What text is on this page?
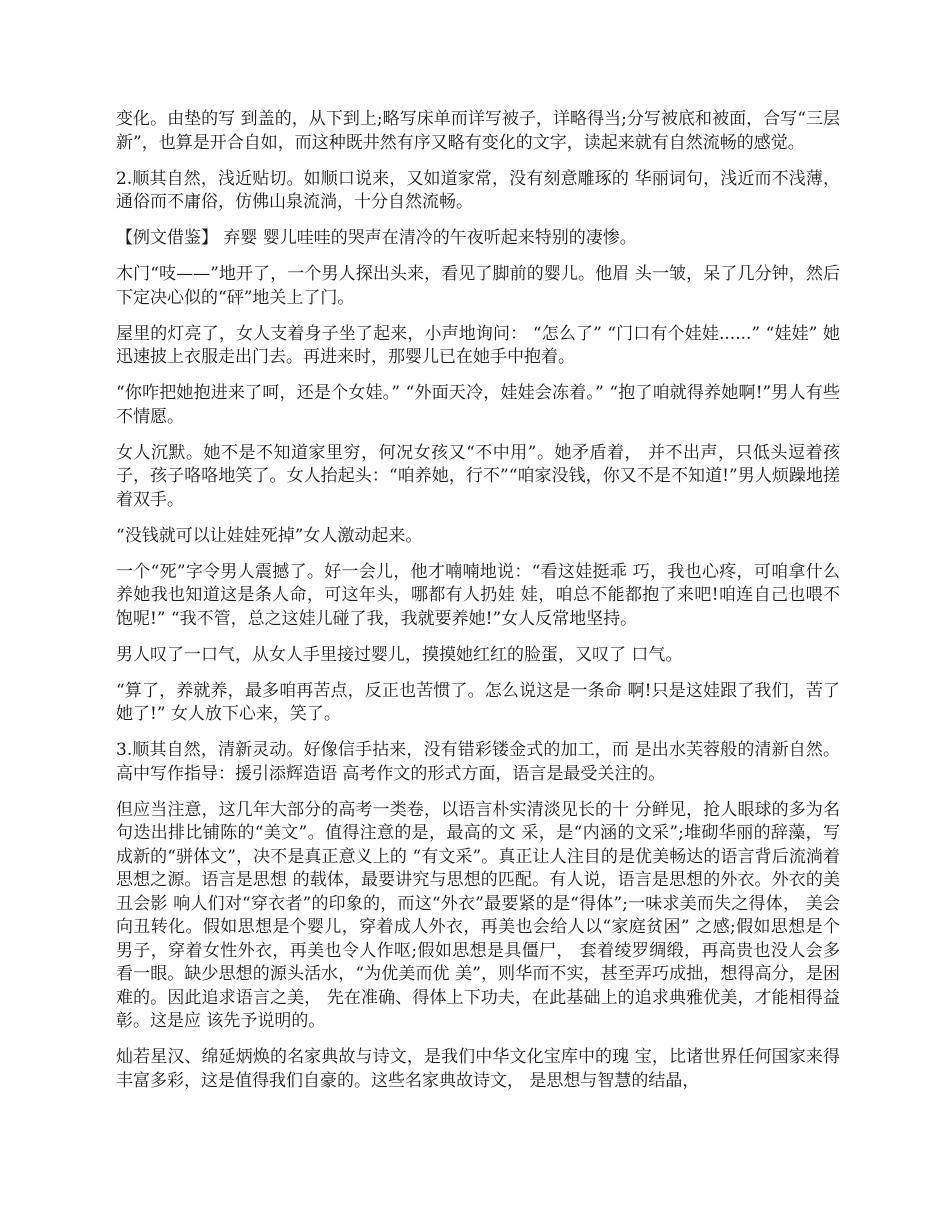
变化。由垫的写 到盖的，从下到上;略写床单而详写被子，详略得当;分写被底和被面，合写“三层 新”，也算是开合自如，而这种既井然有序又略有变化的文字，读起来就有自然流畅的感觉。

2.顺其自然，浅近贴切。如顺口说来，又如道家常，没有刻意雕琢的 华丽词句，浅近而不浅薄，通俗而不庸俗，仿佛山泉流淌，十分自然流畅。

【例文借鉴】 弃婴 婴儿哇哇的哭声在清冷的午夜听起来特别的凄惨。

木门“吱——”地开了，一个男人探出头来，看见了脚前的婴儿。他眉 头一皱，呆了几分钟，然后下定决心似的“砰”地关上了门。

屋里的灯亮了，女人支着身子坐了起来，小声地询问： “怎么了” “门口有个娃娃......” “娃娃” 她迅速披上衣服走出门去。再进来时，那婴儿已在她手中抱着。

“你咋把她抱进来了呵，还是个女娃。” “外面天冷，娃娃会冻着。” “抱了咱就得养她啊!”男人有些不情愿。

女人沉默。她不是不知道家里穷，何况女孩又“不中用”。她矛盾着， 并不出声，只低头逗着孩子，孩子咯咯地笑了。女人抬起头：“咱养她，行不”“咱家没钱，你又不是不知道!”男人烦躁地搓着双手。

“没钱就可以让娃娃死掉”女人激动起来。

一个“死”字令男人震撼了。好一会儿，他才喃喃地说：“看这娃挺乖 巧，我也心疼，可咱拿什么养她我也知道这是条人命，可这年头，哪都有人扔娃 娃，咱总不能都抱了来吧!咱连自己也喂不饱呢!” “我不管，总之这娃儿碰了我，我就要养她!”女人反常地坚持。

男人叹了一口气，从女人手里接过婴儿，摸摸她红红的脸蛋，又叹了 口气。

“算了，养就养，最多咱再苦点，反正也苦惯了。怎么说这是一条命 啊!只是这娃跟了我们，苦了她了!” 女人放下心来，笑了。

3.顺其自然，清新灵动。好像信手拈来，没有错彩镂金式的加工，而 是出水芙蓉般的清新自然。高中写作指导：援引添辉造语 高考作文的形式方面，语言是最受关注的。

但应当注意，这几年大部分的高考一类卷，以语言朴实清淡见长的十 分鲜见，抢人眼球的多为名句迭出排比铺陈的“美文”。值得注意的是，最高的文 采，是“内涵的文采”;堆砌华丽的辞藻，写成新的“骈体文”，决不是真正意义上的 “有文采”。真正让人注目的是优美畅达的语言背后流淌着思想之源。语言是思想 的载体，最要讲究与思想的匹配。有人说，语言是思想的外衣。外衣的美丑会影 响人们对“穿衣者”的印象的，而这“外衣”最要紧的是“得体”;一味求美而失之得体， 美会向丑转化。假如思想是个婴儿，穿着成人外衣，再美也会给人以“家庭贫困” 之感;假如思想是个男子，穿着女性外衣，再美也令人作呕;假如思想是具僵尸， 套着绫罗绸缎，再高贵也没人会多看一眼。缺少思想的源头活水，“为优美而优 美”，则华而不实，甚至弄巧成拙，想得高分，是困难的。因此追求语言之美， 先在准确、得体上下功夫，在此基础上的追求典雅优美，才能相得益彰。这是应 该先予说明的。

灿若星汉、绵延炳焕的名家典故与诗文，是我们中华文化宝库中的瑰 宝，比诸世界任何国家来得丰富多彩，这是值得我们自豪的。这些名家典故诗文， 是思想与智慧的结晶，
